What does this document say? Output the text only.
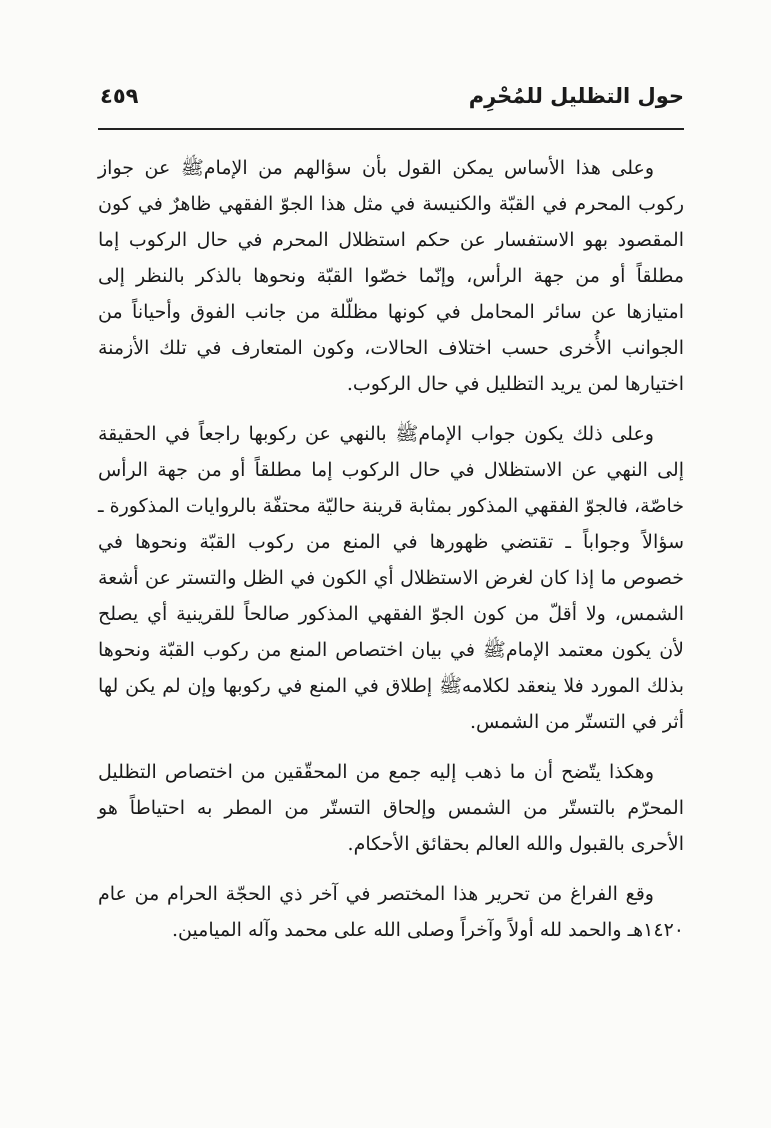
٤٥٩	حول التظليل للمُحْرِم

وعلى هذا الأساس يمكن القول بأن سؤالهم من الإمامﷺ عن جواز ركوب المحرم في القبّة والكنيسة في مثل هذا الجوّ الفقهي ظاهرٌ في كون المقصود بهو الاستفسار عن حكم استظلال المحرم في حال الركوب إما مطلقاً أو من جهة الرأس، وإنّما خصّوا القبّة ونحوها بالذكر بالنظر إلى امتيازها عن سائر المحامل في كونها مظلّلة من جانب الفوق وأحياناً من الجوانب الأُخرى حسب اختلاف الحالات، وكون المتعارف في تلك الأزمنة اختيارها لمن يريد التظليل في حال الركوب.

وعلى ذلك يكون جواب الإمامﷺ بالنهي عن ركوبها راجعاً في الحقيقة إلى النهي عن الاستظلال في حال الركوب إما مطلقاً أو من جهة الرأس خاصّة، فالجوّ الفقهي المذكور بمثابة قرينة حاليّة محتفّة بالروايات المذكورة ـ سؤالاً وجواباً ـ تقتضي ظهورها في المنع من ركوب القبّة ونحوها في خصوص ما إذا كان لغرض الاستظلال أي الكون في الظل والتستر عن أشعة الشمس، ولا أقلّ من كون الجوّ الفقهي المذكور صالحاً للقرينية أي يصلح لأن يكون معتمد الإمامﷺ في بيان اختصاص المنع من ركوب القبّة ونحوها بذلك المورد فلا ينعقد لكلامهﷺ إطلاق في المنع في ركوبها وإن لم يكن لها أثر في التستّر من الشمس.

وهكذا يتّضح أن ما ذهب إليه جمع من المحقّقين من اختصاص التظليل المحرّم بالتستّر من الشمس وإلحاق التستّر من المطر به احتياطاً هو الأحرى بالقبول والله العالم بحقائق الأحكام.

وقع الفراغ من تحرير هذا المختصر في آخر ذي الحجّة الحرام من عام ١٤٢٠هـ والحمد لله أولاً وآخراً وصلى الله على محمد وآله الميامين.
